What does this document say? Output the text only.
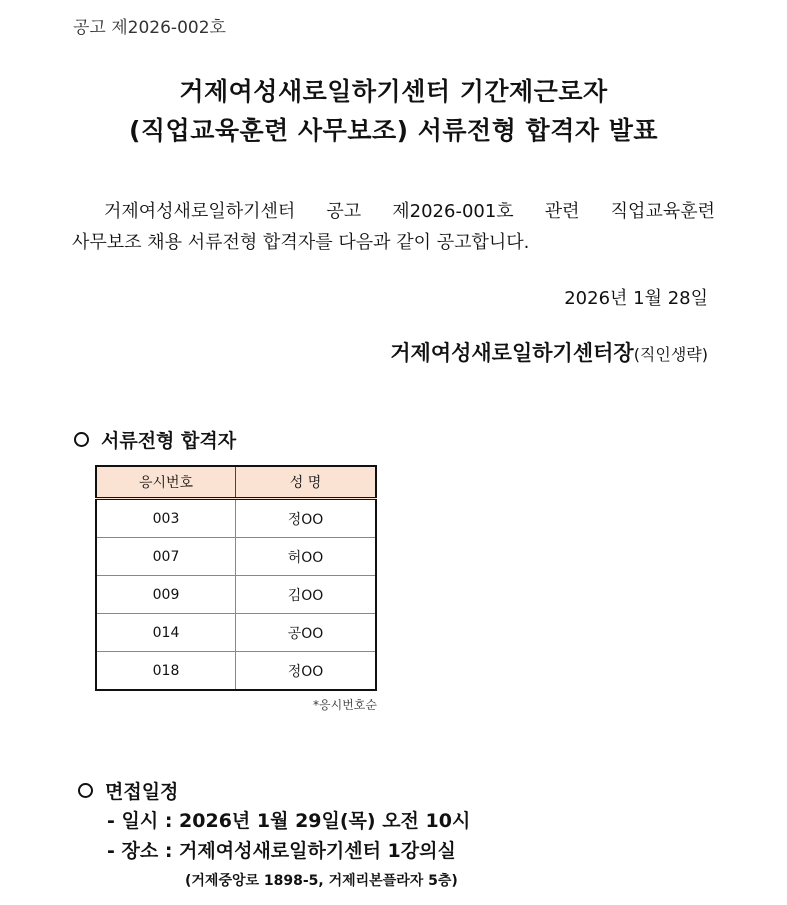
공고 제2026-002호
거제여성새로일하기센터 기간제근로자
(직업교육훈련 사무보조) 서류전형 합격자 발표
거제여성새로일하기센터 공고 제2026-001호 관련 직업교육훈련
사무보조 채용 서류전형 합격자를 다음과 같이 공고합니다.
2026년 1월 28일
거제여성새로일하기센터장(직인생략)
서류전형 합격자
응시번호	성 명
003	정OO
007	허OO
009	김OO
014	공OO
018	정OO
*응시번호순
면접일정
- 일시 : 2026년 1월 29일(목) 오전 10시
- 장소 : 거제여성새로일하기센터 1강의실
(거제중앙로 1898-5, 거제리본플라자 5층)
